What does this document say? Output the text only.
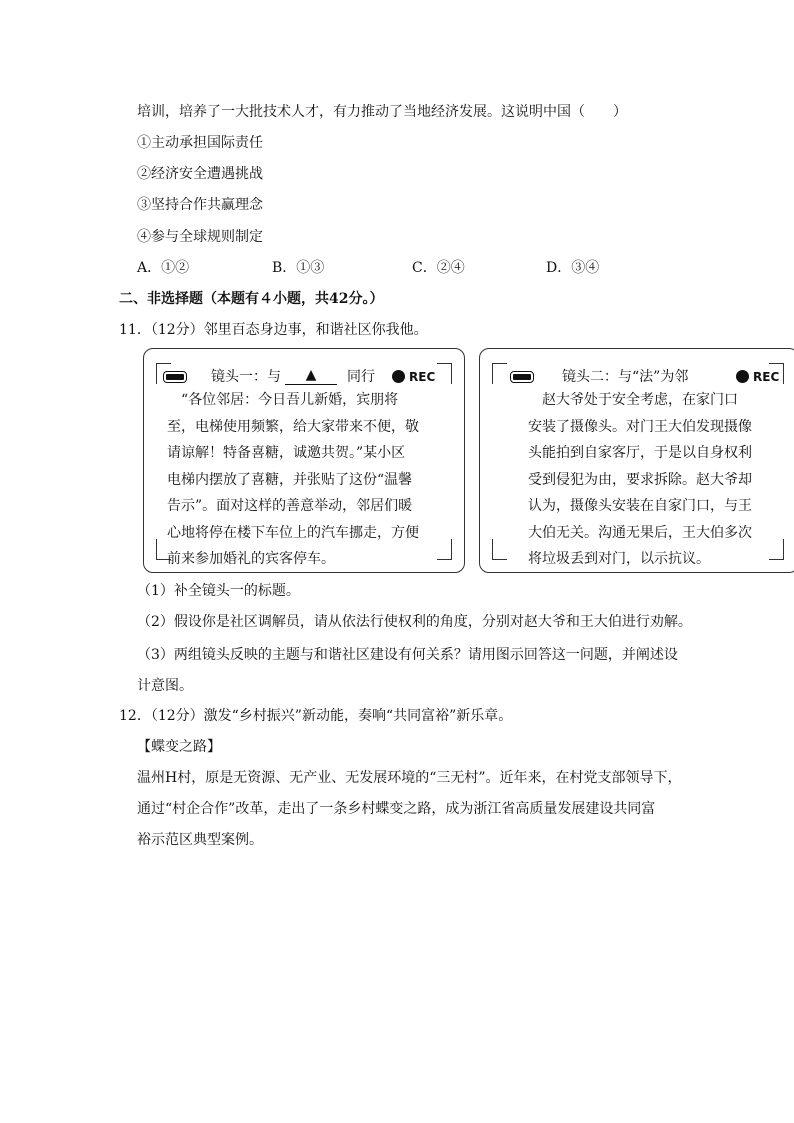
培训，培养了一大批技术人才，有力推动了当地经济发展。这说明中国（　　）
①主动承担国际责任
②经济安全遭遇挑战
③坚持合作共赢理念
④参与全球规则制定
A．①②	B．①③	C．②④	D．③④
二、非选择题（本题有４小题，共42分。）
11．（12分）邻里百态身边事，和谐社区你我他。
镜头一：与	▲	同行	REC
　“各位邻居：今日吾儿新婚，宾朋将
至，电梯使用频繁，给大家带来不便，敬
请谅解！特备喜糖，诚邀共贺。”某小区
电梯内摆放了喜糖，并张贴了这份“温馨
告示”。面对这样的善意举动，邻居们暖
心地将停在楼下车位上的汽车挪走，方便
前来参加婚礼的宾客停车。
镜头二：与“法”为邻	REC
　赵大爷处于安全考虑，在家门口
安装了摄像头。对门王大伯发现摄像
头能拍到自家客厅，于是以自身权利
受到侵犯为由，要求拆除。赵大爷却
认为，摄像头安装在自家门口，与王
大伯无关。沟通无果后，王大伯多次
将垃圾丢到对门，以示抗议。
（1）补全镜头一的标题。
（2）假设你是社区调解员，请从依法行使权利的角度，分别对赵大爷和王大伯进行劝解。
（3）两组镜头反映的主题与和谐社区建设有何关系？请用图示回答这一问题，并阐述设
计意图。
12．（12分）激发“乡村振兴”新动能，奏响“共同富裕”新乐章。
【蝶变之路】
温州H村，原是无资源、无产业、无发展环境的“三无村”。近年来，在村党支部领导下，
通过“村企合作”改革，走出了一条乡村蝶变之路，成为浙江省高质量发展建设共同富
裕示范区典型案例。
